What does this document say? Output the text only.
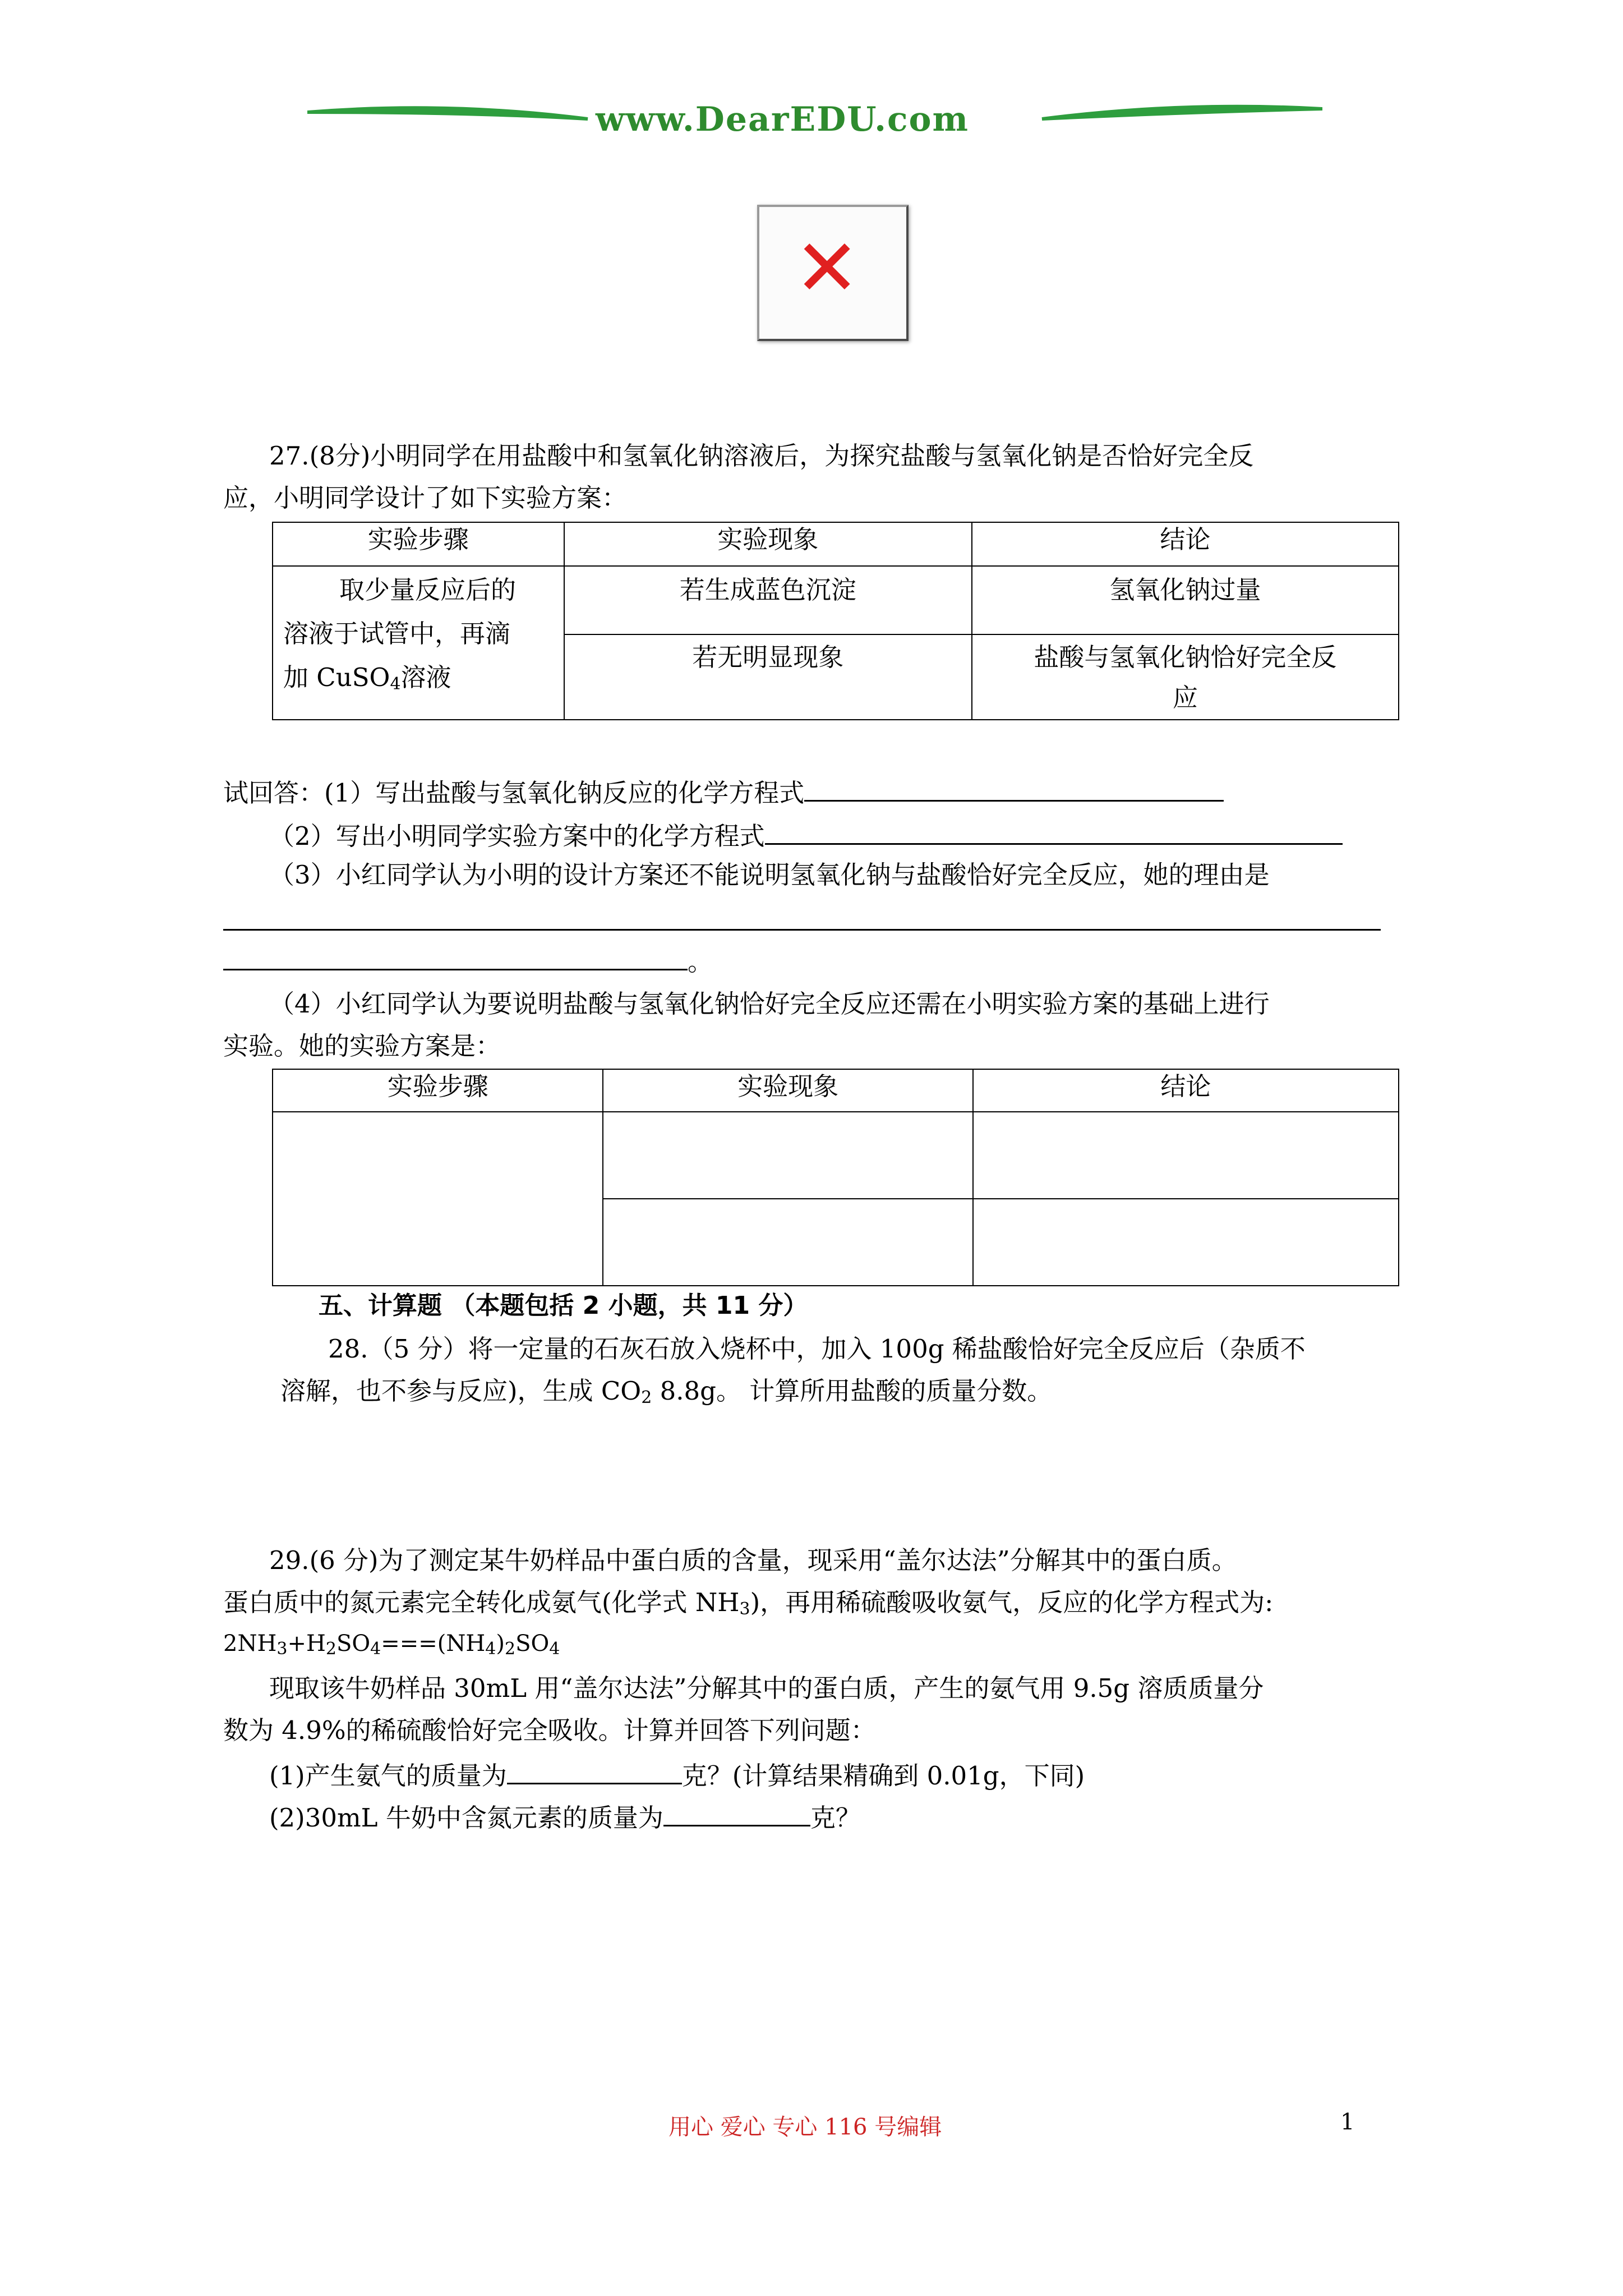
www.DearEDU.com
✕
27.(8分)小明同学在用盐酸中和氢氧化钠溶液后，为探究盐酸与氢氧化钠是否恰好完全反
应，小明同学设计了如下实验方案：
实验步骤	实验现象	结论

取少量反应后的
溶液于试管中，再滴
加 CuSO$_4$溶液	若生成蓝色沉淀	氢氧化钠过量
	若无明显现象	盐酸与氢氧化钠恰好完全反
应
试回答：(1）写出盐酸与氢氧化钠反应的化学方程式
（2）写出小明同学实验方案中的化学方程式
（3）小红同学认为小明的设计方案还不能说明氢氧化钠与盐酸恰好完全反应，她的理由是
。
（4）小红同学认为要说明盐酸与氢氧化钠恰好完全反应还需在小明实验方案的基础上进行
实验。她的实验方案是：
实验步骤	实验现象	结论

五、计算题 （本题包括 2 小题，共 11 分）
28.（5 分）将一定量的石灰石放入烧杯中，加入 100g 稀盐酸恰好完全反应后（杂质不
溶解，也不参与反应)，生成 $CO_2$ 8.8g。 计算所用盐酸的质量分数。
29.(6 分)为了测定某牛奶样品中蛋白质的含量，现采用“盖尔达法”分解其中的蛋白质。
蛋白质中的氮元素完全转化成氨气(化学式 $NH_3$)，再用稀硫酸吸收氨气，反应的化学方程式为:
$2NH_3+H_2SO_4===(NH_4)_2SO_4$
现取该牛奶样品 30mL 用“盖尔达法”分解其中的蛋白质，产生的氨气用 9.5g 溶质质量分
数为 4.9%的稀硫酸恰好完全吸收。计算并回答下列问题：
(1)产生氨气的质量为	克？(计算结果精确到 0.01g，下同)
(2)30mL 牛奶中含氮元素的质量为	克？
用心 爱心 专心 116 号编辑	1
